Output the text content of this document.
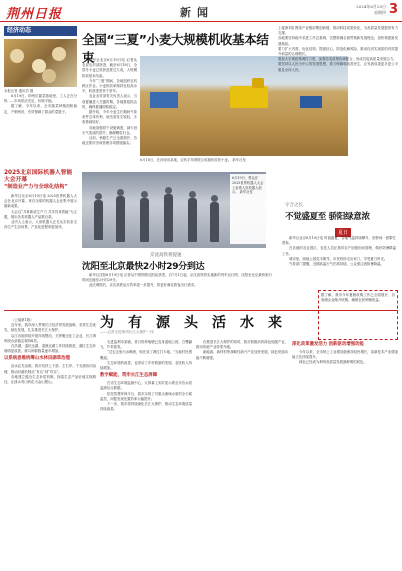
荆州日报	新闻	2024年6月20日
星期四 3
经济动态
本报记者 通讯员 摄

6月19日，荆州区蔬菜基地里，工人正在分拣……市场供应充足，价格平稳。

据了解，今年以来，全市蔬菜种植面积稳定，产销两旺，有效保障了群众的菜篮子。

2025北京国际机器人智能大会开幕
“制造业产力与全球化结构”

新华社北京6月19日电 2025世界机器人大会在北京开幕，来自全球的机器人企业集中展示最新成果。

大会以“共育新质生产力 共享具身智能”为主题，展出各类机器人产品数百款。

业内人士表示，人形机器人正在从实验室走向生产生活场景，产业化进程明显加快。

全国“三夏”小麦大规模机收基本结束

新华社北京6月19日电 记者从农业农村部获悉，截至6月18日，全国冬小麦已收获进度过九成，大规模机收基本结束。

今年“三夏”期间，各地组织农机跨区作业，小麦机收率保持在较高水平，收获进度快于常年。

农业农村部有关负责人表示，当前夏播进入关键时期，各地要抢抓农时，确保夏播面积稳定。

据介绍，今年小麦生长期间气象条件总体有利，病虫害发生较轻，丰收基础较好。

各地加强烘干设施调度，减少因天气造成的损失，确保颗粒归仓。

目前，秋粮生产已全面展开，各地正抓好田间管理各项措施落实。

6月18日，在河南省某地，农机手驾驶联合收割机收获小麦。 新华社发

上接第1版 围绕产业链部署创新链，推动科技成果转化，为高质量发展提供有力支撑。

各地要坚持稳中求进工作总基调，完整准确全面贯彻新发展理念，加快构建新发展格局。

着力扩大内需、优化结构、提振信心、防范化解风险，推动经济实现质的有效提升和量的合理增长。

要加大宏观政策调控力度，加强各类政策协调配合，形成共促高质量发展合力。

要坚持以人民为中心的发展思想，着力保障和改善民生，让发展成果更多更公平惠及全体人民。

守合之长
不觉盛夏至 骄阳绿意浓
夏日

新华社北京6月19日电 时值盛夏，各地气温持续攀升，田野间一派繁忙景象。

在各地的农业园区，农技人员正指导农户加强田间管理，做好防暑降温工作。

城市里，绿地公园花木繁茂，市民纷纷走出家门，享受夏日时光。

气象部门提醒，近期高温天气仍将持续，公众需注意防暑降温。

6月19日，观众在2025世界机器人大会上参观人形机器人展示。 新华社发
京沈高铁将提速
沈阳至北京最快2小时29分到达

新华社沈阳6月19日电 记者从中国铁路沈阳局获悉，自7月1日起，京沈高铁将实施新的列车运行图，沈阳至北京最快旅行时间压缩至2小时29分。

此次调图后，京沈高铁运行效率进一步提升，将更好满足旅客出行需求。

据了解，我市今年夏粮收购工作已全面展开，各收储企业敞开收购，确保农民种粮收益。
为有源头活水来
——记者走进荆州长江大保护一线

（上接第1版）

近年来，我市深入贯彻长江经济带发展战略，坚持生态优先、绿色发展，扎实推进长江大保护。

沿江各地持续开展岸线整治，关停搬迁化工企业，长江荆州段水质稳定保持Ⅱ类。

在洪湖，退垸还湖、退渔还湖工作持续推进，湖区生态环境明显改善，候鸟种群数量逐年增加。

以系统思维统筹山水林田湖草治理

治水必先治源。我市坚持上下游、左右岸、干支流协同治理，推动河湖长制从“有名”到“有实”。

各地建立健全生态补偿机制，探索生态产品价值实现路径，让绿水青山转化为金山银山。

走进监利市某镇，昔日的养殖塘已变身湿地公园，白鹭翩飞，芦苇摇曳。

“过去这里污水横流，现在成了网红打卡地。”当地村民感慨道。

生态环境的改善，也带动了乡村旅游的发展，农民收入持续增加。

数字赋能，筑牢长江生态屏障

在市生态环境监测中心，大屏幕上实时显示着全市各水质监测站点数据。

依托智慧环保平台，我市实现了对重点流域水质的全天候监控，问题发现处置效率大幅提升。

下一步，我市将持续深化长江大保护，推动生态环境质量持续改善。

在推进长江大保护的同时，我市积极培育绿色低碳产业，推动传统产业转型升级。

新能源、新材料等战略性新兴产业加快发展，绿色发展动能不断增强。

深化改革激发活力 创新驱动增强动能

今年以来，全市规上工业增加值保持较快增长，高新技术产业增加值占比持续提升。

绿色已经成为荆州高质量发展最鲜明的底色。
